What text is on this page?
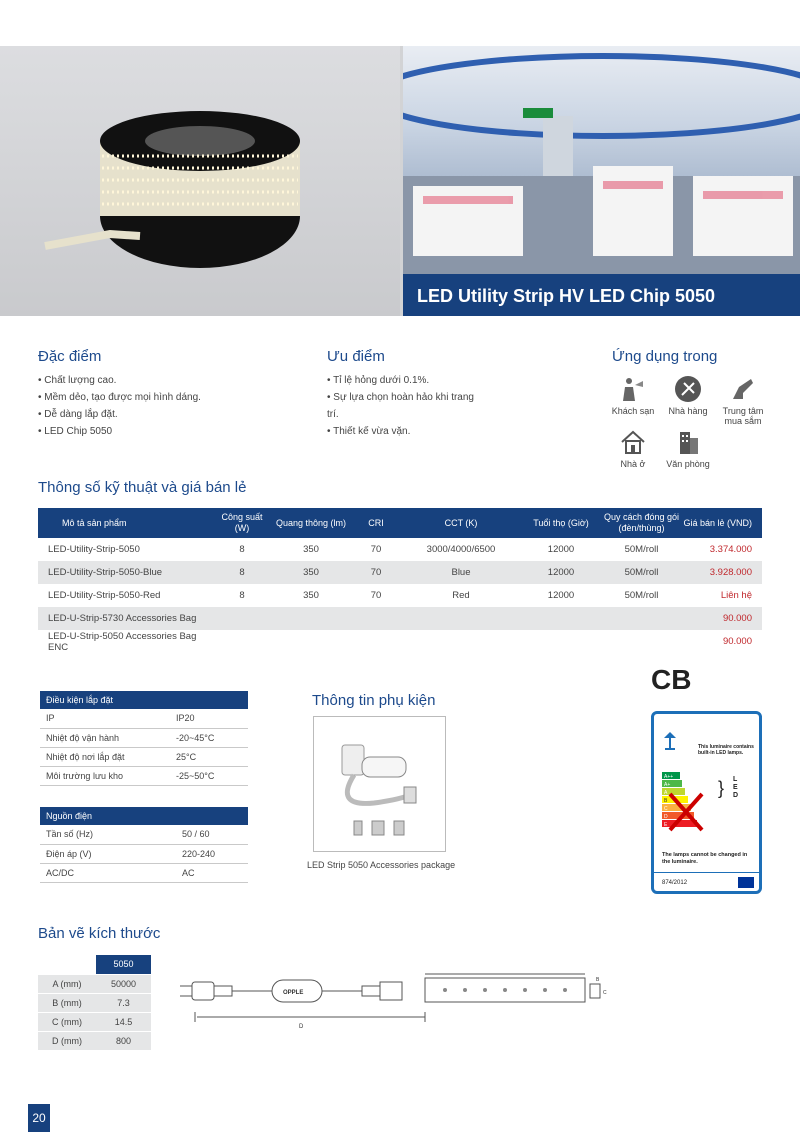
LED Utility Strip HV LED Chip 5050
Đặc điểm
• Chất lượng cao.
• Mềm dẻo, tạo được mọi hình dáng.
• Dễ dàng lắp đặt.
• LED Chip 5050
Ưu điểm
• Tỉ lệ hỏng dưới 0.1%.
• Sự lựa chọn hoàn hảo khi trang trí.
• Thiết kế vừa vặn.
Ứng dụng trong
Khách sạn	Nhà hàng	Trung tâm mua sắm
Nhà ở	Văn phòng
Thông số kỹ thuật và giá bán lẻ
Mô tả sản phẩm	Công suất (W)	Quang thông (lm)	CRI	CCT (K)	Tuổi thọ (Giờ)	Quy cách đóng gói (đèn/thùng)	Giá bán lẻ (VND)
LED-Utility-Strip-5050	8	350	70	3000/4000/6500	12000	50M/roll	3.374.000
LED-Utility-Strip-5050-Blue	8	350	70	Blue	12000	50M/roll	3.928.000
LED-Utility-Strip-5050-Red	8	350	70	Red	12000	50M/roll	Liên hệ
LED-U-Strip-5730 Accessories Bag							90.000
LED-U-Strip-5050 Accessories Bag ENC							90.000
Điều kiện lắp đặt	
IP	IP20
Nhiệt độ vận hành	-20~45°C
Nhiệt độ nơi lắp đặt	25°C
Môi trường lưu kho	-25~50°C
Nguồn điện	
Tần số (Hz)	50 / 60
Điện áp (V)	220-240
AC/DC	AC
Thông tin phụ kiện
LED Strip 5050 Accessories package
CB
This luminaire contains built-in LED lamps.
A++
A+
A
B
C
D
E
} LED
The lamps cannot be changed in the luminaire.
874/2012
Bản vẽ kích thước
	5050
A (mm)	50000
B (mm)	7.3
C (mm)	14.5
D (mm)	800
OPPLE
D
B
C
20
